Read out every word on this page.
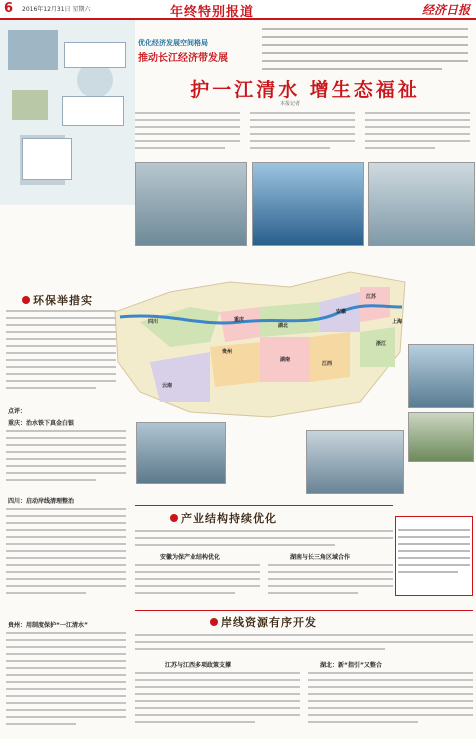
6 2016年12月31日 星期六	年终特别报道	经济日报
优化经济发展空间格局
推动长江经济带发展
护一江清水 增生态福祉
本报记者
四川	重庆
贵州
云南
湖北
湖南
江西
安徽
江苏
上海
浙江
环保举措实
点评：
重庆：治水铁下真金白银
四川：启动岸线清理整治
贵州：用制度保护“一江清水”
产业结构持续优化
安徽为保产业结构优化	湖南与长三角区域合作
岸线资源有序开发
江苏与江西多项政策支撑	湖北：新“指引”又整合
